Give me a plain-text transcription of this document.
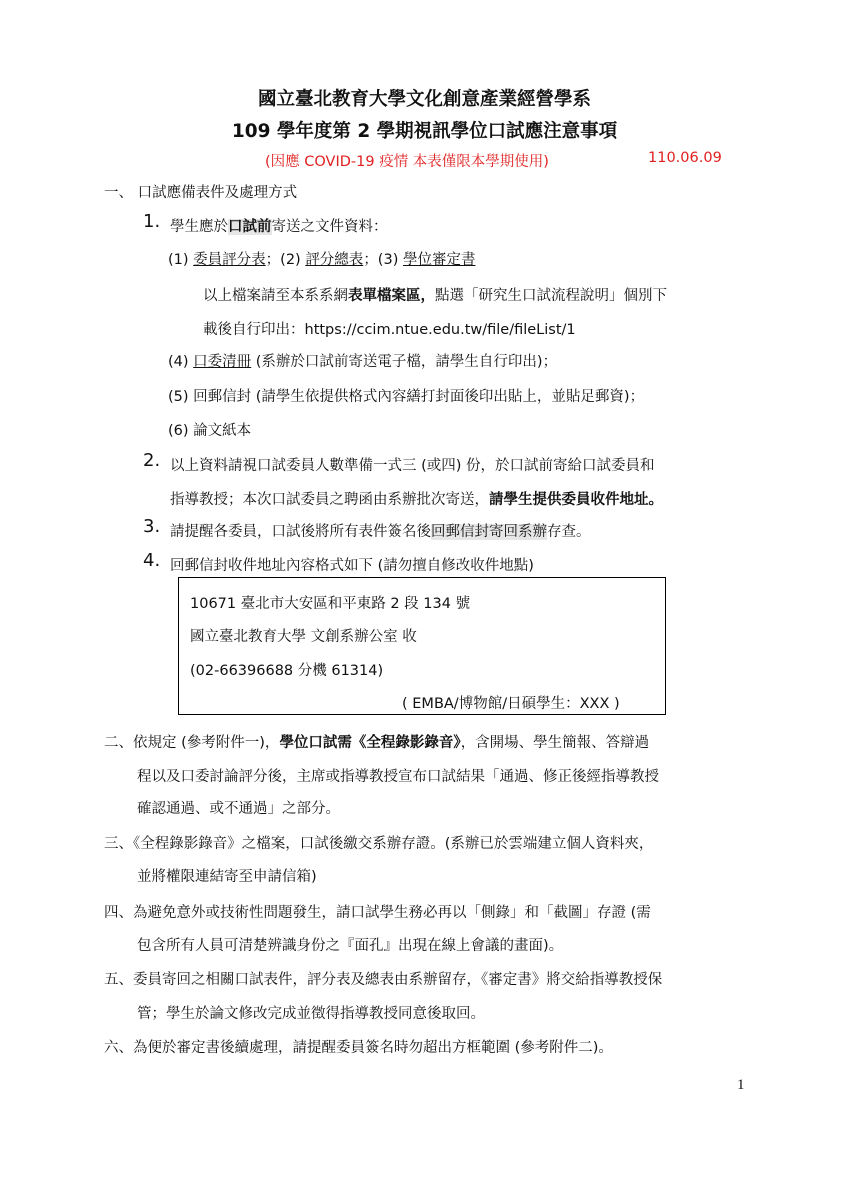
國立臺北教育大學文化創意產業經營學系
109 學年度第 2 學期視訊學位口試應注意事項
(因應 COVID-19 疫情 本表僅限本學期使用)	110.06.09
一、 口試應備表件及處理方式
1. 學生應於口試前寄送之文件資料：
(1) 委員評分表；(2) 評分總表；(3) 學位審定書
以上檔案請至本系系網表單檔案區，點選「研究生口試流程說明」個別下
載後自行印出：https://ccim.ntue.edu.tw/file/fileList/1
(4) 口委清冊 (系辦於口試前寄送電子檔，請學生自行印出)；
(5) 回郵信封 (請學生依提供格式內容繕打封面後印出貼上，並貼足郵資)；
(6) 論文紙本
2. 以上資料請視口試委員人數準備一式三 (或四) 份，於口試前寄給口試委員和
指導教授；本次口試委員之聘函由系辦批次寄送，請學生提供委員收件地址。
3. 請提醒各委員，口試後將所有表件簽名後回郵信封寄回系辦存查。
4. 回郵信封收件地址內容格式如下 (請勿擅自修改收件地點)
10671 臺北市大安區和平東路 2 段 134 號
國立臺北教育大學 文創系辦公室 收
(02-66396688 分機 61314)
( EMBA/博物館/日碩學生：XXX )
二、依規定 (參考附件一)，學位口試需《全程錄影錄音》，含開場、學生簡報、答辯過
程以及口委討論評分後，主席或指導教授宣布口試結果「通過、修正後經指導教授
確認通過、或不通過」之部分。
三、《全程錄影錄音》之檔案，口試後繳交系辦存證。(系辦已於雲端建立個人資料夾，
並將權限連結寄至申請信箱)
四、為避免意外或技術性問題發生，請口試學生務必再以「側錄」和「截圖」存證 (需
包含所有人員可清楚辨識身份之『面孔』出現在線上會議的畫面)。
五、委員寄回之相關口試表件，評分表及總表由系辦留存，《審定書》將交給指導教授保
管；學生於論文修改完成並徵得指導教授同意後取回。
六、為便於審定書後續處理，請提醒委員簽名時勿超出方框範圍 (參考附件二)。
1
